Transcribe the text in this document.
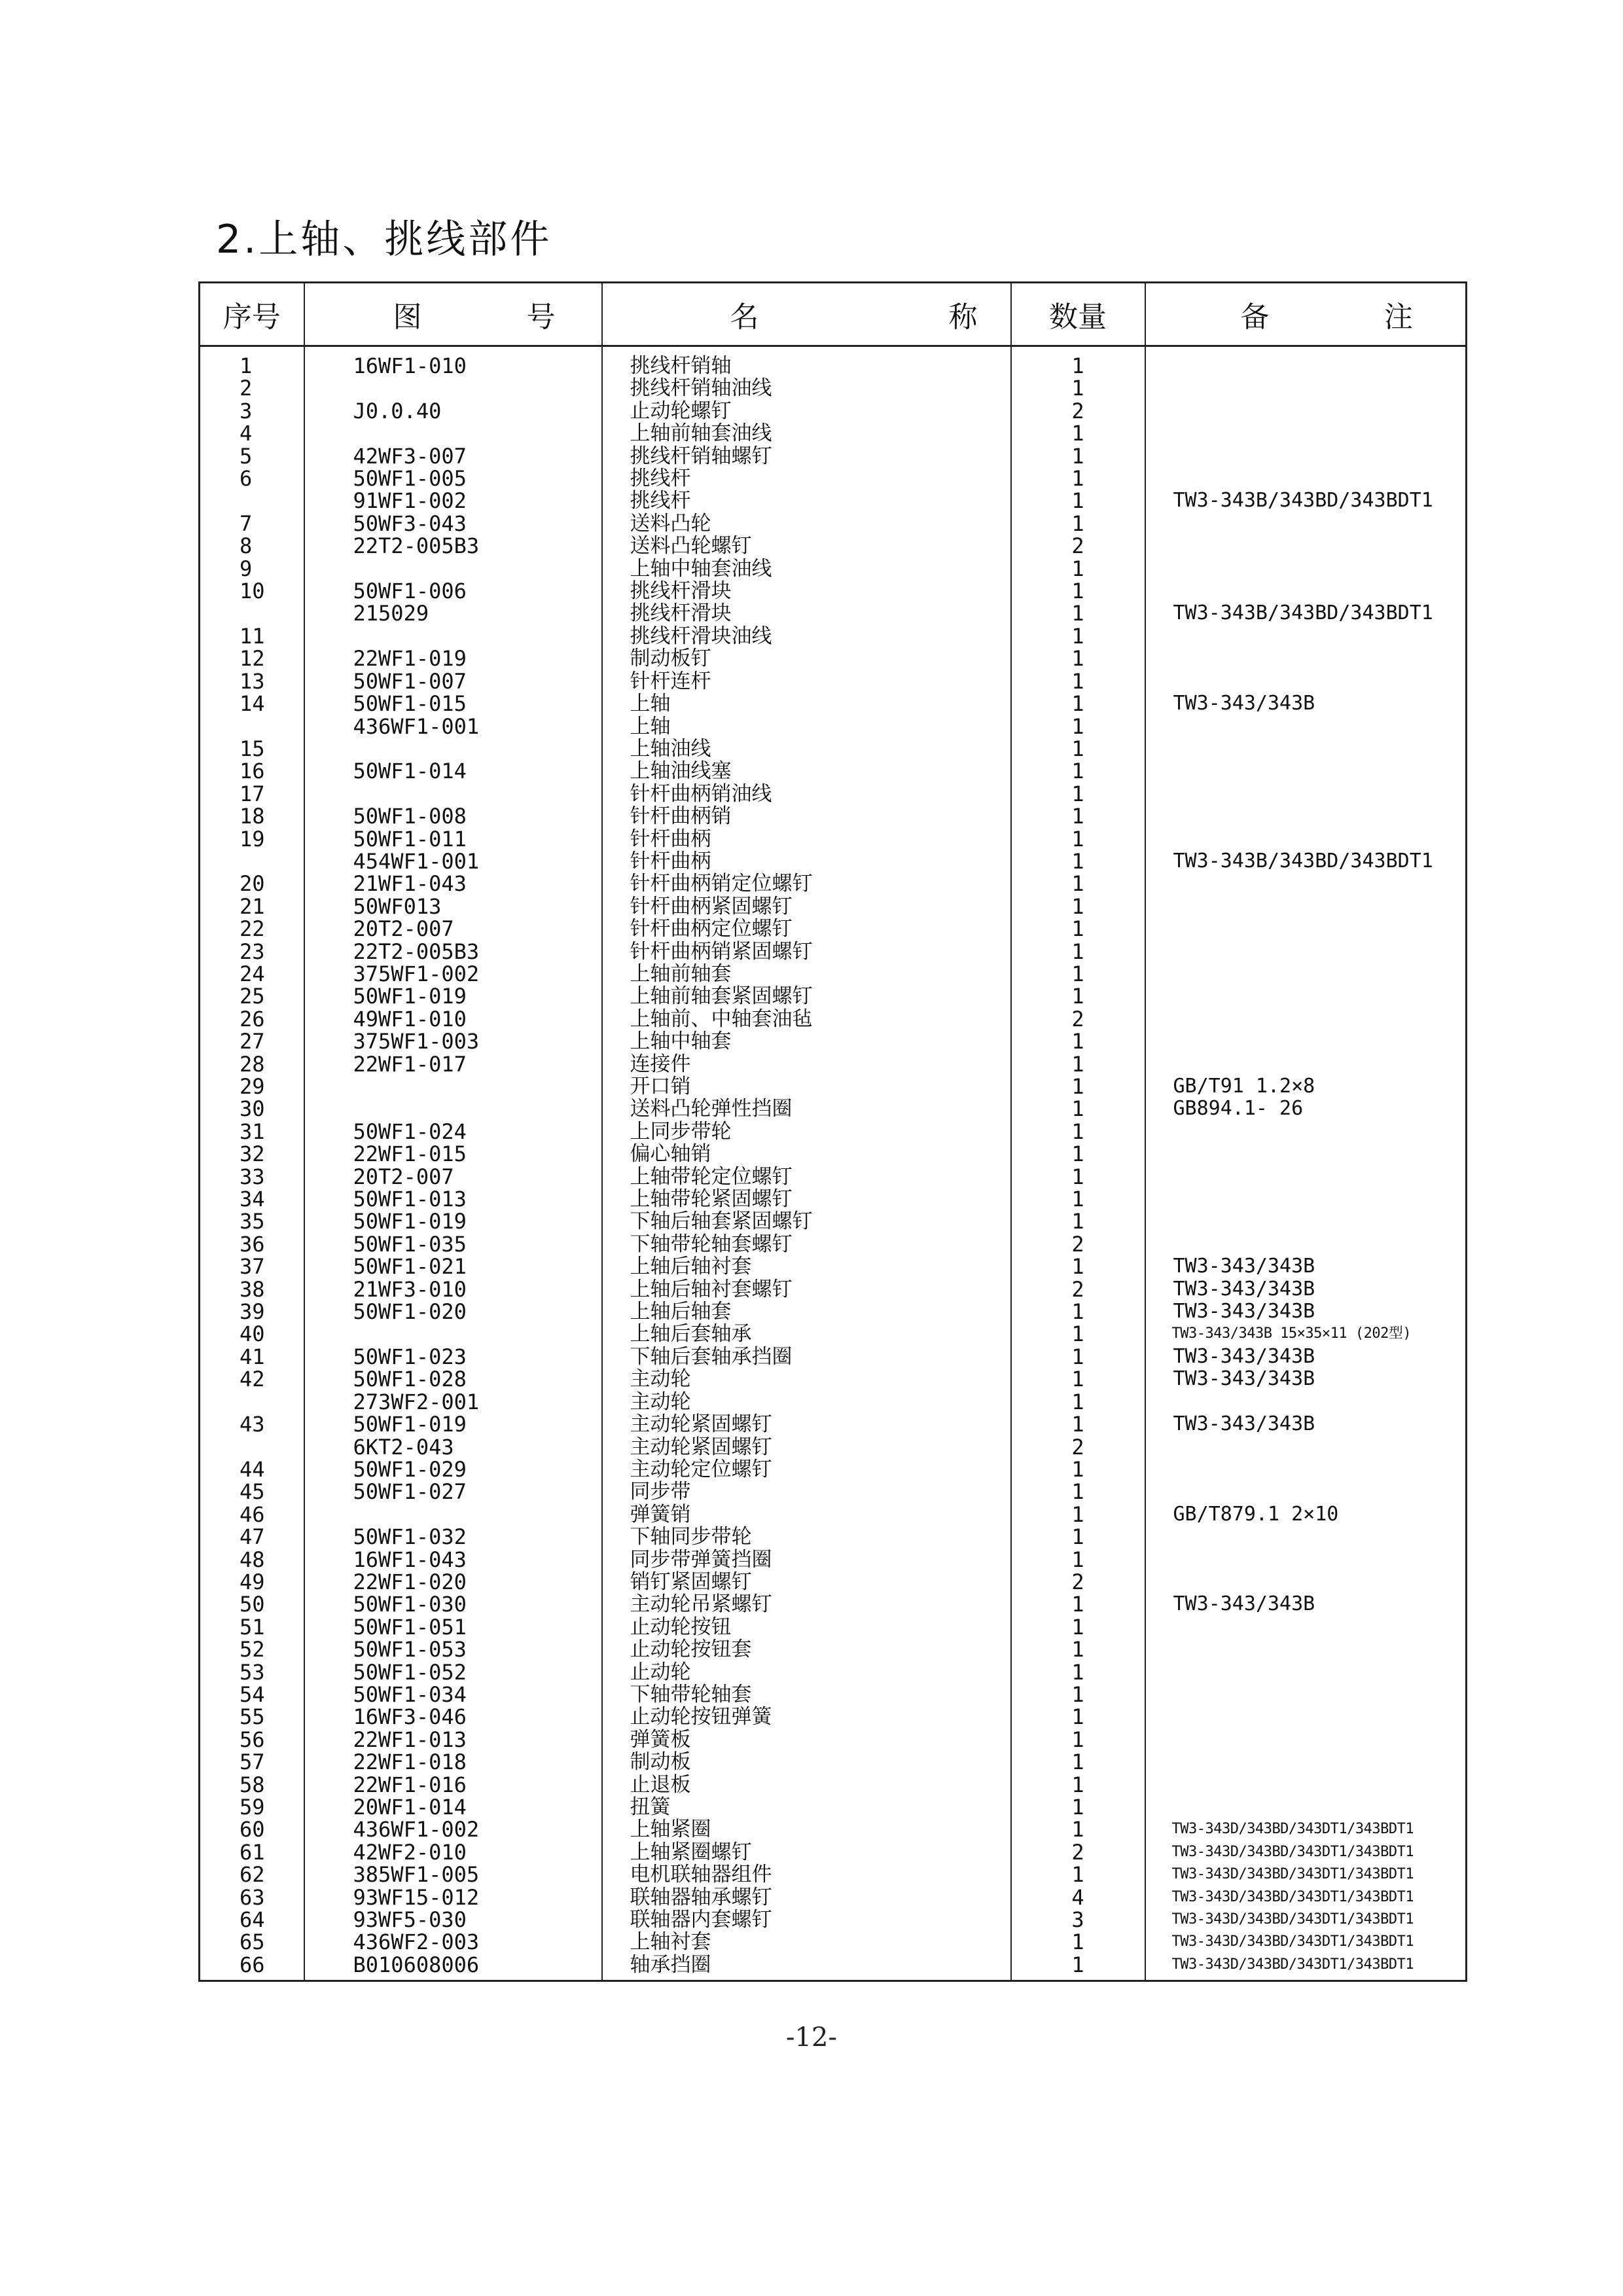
2.上轴、挑线部件
序号	图 号	名 称	数量	备 注

1	16WF1-010	挑线杆销轴	1	
2		挑线杆销轴油线	1	
3	J0.0.40	止动轮螺钉	2	
4		上轴前轴套油线	1	
5	42WF3-007	挑线杆销轴螺钉	1	
6	50WF1-005	挑线杆	1	
	91WF1-002	挑线杆	1	TW3-343B/343BD/343BDT1
7	50WF3-043	送料凸轮	1	
8	22T2-005B3	送料凸轮螺钉	2	
9		上轴中轴套油线	1	
10	50WF1-006	挑线杆滑块	1	
	215029	挑线杆滑块	1	TW3-343B/343BD/343BDT1
11		挑线杆滑块油线	1	
12	22WF1-019	制动板钉	1	
13	50WF1-007	针杆连杆	1	
14	50WF1-015	上轴	1	TW3-343/343B
	436WF1-001	上轴	1	
15		上轴油线	1	
16	50WF1-014	上轴油线塞	1	
17		针杆曲柄销油线	1	
18	50WF1-008	针杆曲柄销	1	
19	50WF1-011	针杆曲柄	1	
	454WF1-001	针杆曲柄	1	TW3-343B/343BD/343BDT1
20	21WF1-043	针杆曲柄销定位螺钉	1	
21	50WF013	针杆曲柄紧固螺钉	1	
22	20T2-007	针杆曲柄定位螺钉	1	
23	22T2-005B3	针杆曲柄销紧固螺钉	1	
24	375WF1-002	上轴前轴套	1	
25	50WF1-019	上轴前轴套紧固螺钉	1	
26	49WF1-010	上轴前、中轴套油毡	2	
27	375WF1-003	上轴中轴套	1	
28	22WF1-017	连接件	1	
29		开口销	1	GB/T91 1.2×8
30		送料凸轮弹性挡圈	1	GB894.1- 26
31	50WF1-024	上同步带轮	1	
32	22WF1-015	偏心轴销	1	
33	20T2-007	上轴带轮定位螺钉	1	
34	50WF1-013	上轴带轮紧固螺钉	1	
35	50WF1-019	下轴后轴套紧固螺钉	1	
36	50WF1-035	下轴带轮轴套螺钉	2	
37	50WF1-021	上轴后轴衬套	1	TW3-343/343B
38	21WF3-010	上轴后轴衬套螺钉	2	TW3-343/343B
39	50WF1-020	上轴后轴套	1	TW3-343/343B
40		上轴后套轴承	1	TW3-343/343B 15×35×11 (202型)
41	50WF1-023	下轴后套轴承挡圈	1	TW3-343/343B
42	50WF1-028	主动轮	1	TW3-343/343B
	273WF2-001	主动轮	1	
43	50WF1-019	主动轮紧固螺钉	1	TW3-343/343B
	6KT2-043	主动轮紧固螺钉	2	
44	50WF1-029	主动轮定位螺钉	1	
45	50WF1-027	同步带	1	
46		弹簧销	1	GB/T879.1 2×10
47	50WF1-032	下轴同步带轮	1	
48	16WF1-043	同步带弹簧挡圈	1	
49	22WF1-020	销钉紧固螺钉	2	
50	50WF1-030	主动轮吊紧螺钉	1	TW3-343/343B
51	50WF1-051	止动轮按钮	1	
52	50WF1-053	止动轮按钮套	1	
53	50WF1-052	止动轮	1	
54	50WF1-034	下轴带轮轴套	1	
55	16WF3-046	止动轮按钮弹簧	1	
56	22WF1-013	弹簧板	1	
57	22WF1-018	制动板	1	
58	22WF1-016	止退板	1	
59	20WF1-014	扭簧	1	
60	436WF1-002	上轴紧圈	1	TW3-343D/343BD/343DT1/343BDT1
61	42WF2-010	上轴紧圈螺钉	2	TW3-343D/343BD/343DT1/343BDT1
62	385WF1-005	电机联轴器组件	1	TW3-343D/343BD/343DT1/343BDT1
63	93WF15-012	联轴器轴承螺钉	4	TW3-343D/343BD/343DT1/343BDT1
64	93WF5-030	联轴器内套螺钉	3	TW3-343D/343BD/343DT1/343BDT1
65	436WF2-003	上轴衬套	1	TW3-343D/343BD/343DT1/343BDT1
66	B010608006	轴承挡圈	1	TW3-343D/343BD/343DT1/343BDT1
-12-
